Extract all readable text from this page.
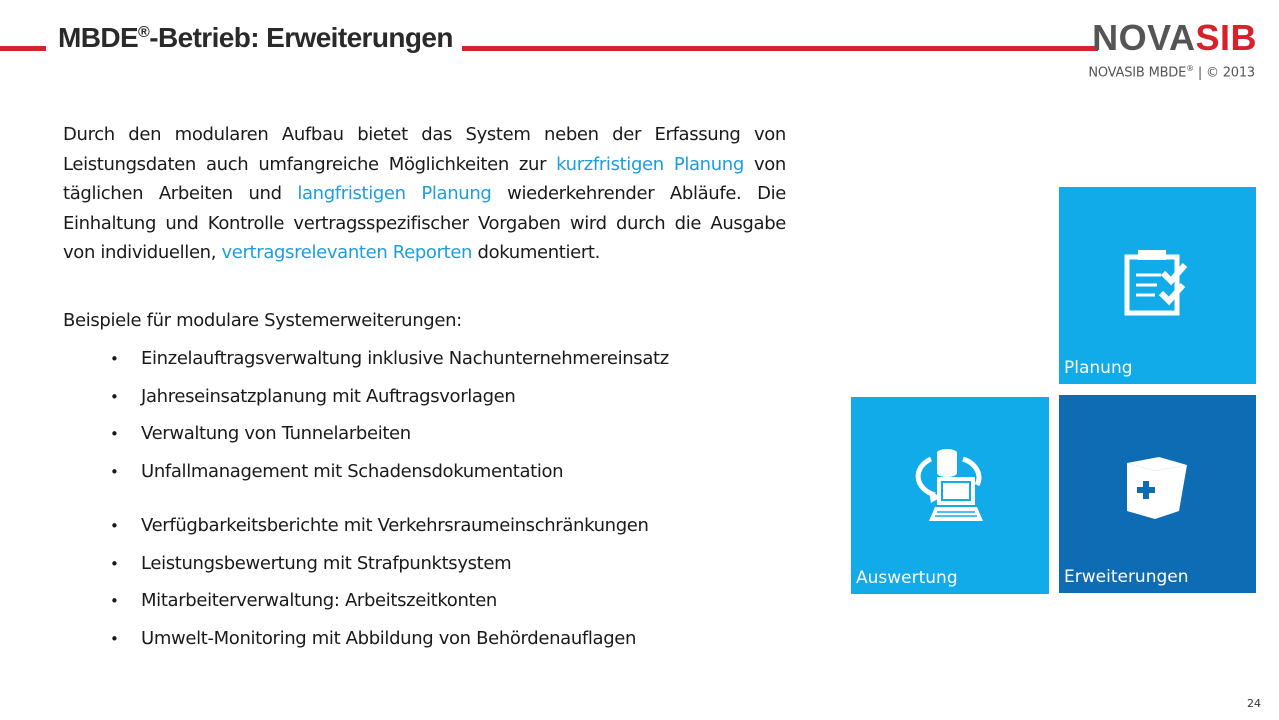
MBDE®-Betrieb: Erweiterungen	NOVASIB
NOVASIB MBDE® | © 2013

Durch den modularen Aufbau bietet das System neben der Erfassung von Leistungsdaten auch umfangreiche Möglichkeiten zur kurzfristigen Planung von täglichen Arbeiten und langfristigen Planung wiederkehrender Abläufe. Die Einhaltung und Kontrolle vertragsspezifischer Vorgaben wird durch die Ausgabe von individuellen, vertragsrelevanten Reporten dokumentiert.

Beispiele für modulare Systemerweiterungen:

• Einzelauftragsverwaltung inklusive Nachunternehmereinsatz
• Jahreseinsatzplanung mit Auftragsvorlagen
• Verwaltung von Tunnelarbeiten
• Unfallmanagement mit Schadensdokumentation
• Verfügbarkeitsberichte mit Verkehrsraumeinschränkungen
• Leistungsbewertung mit Strafpunktsystem
• Mitarbeiterverwaltung: Arbeitszeitkonten
• Umwelt-Monitoring mit Abbildung von Behördenauflagen
Planung
Auswertung	Erweiterungen
24
